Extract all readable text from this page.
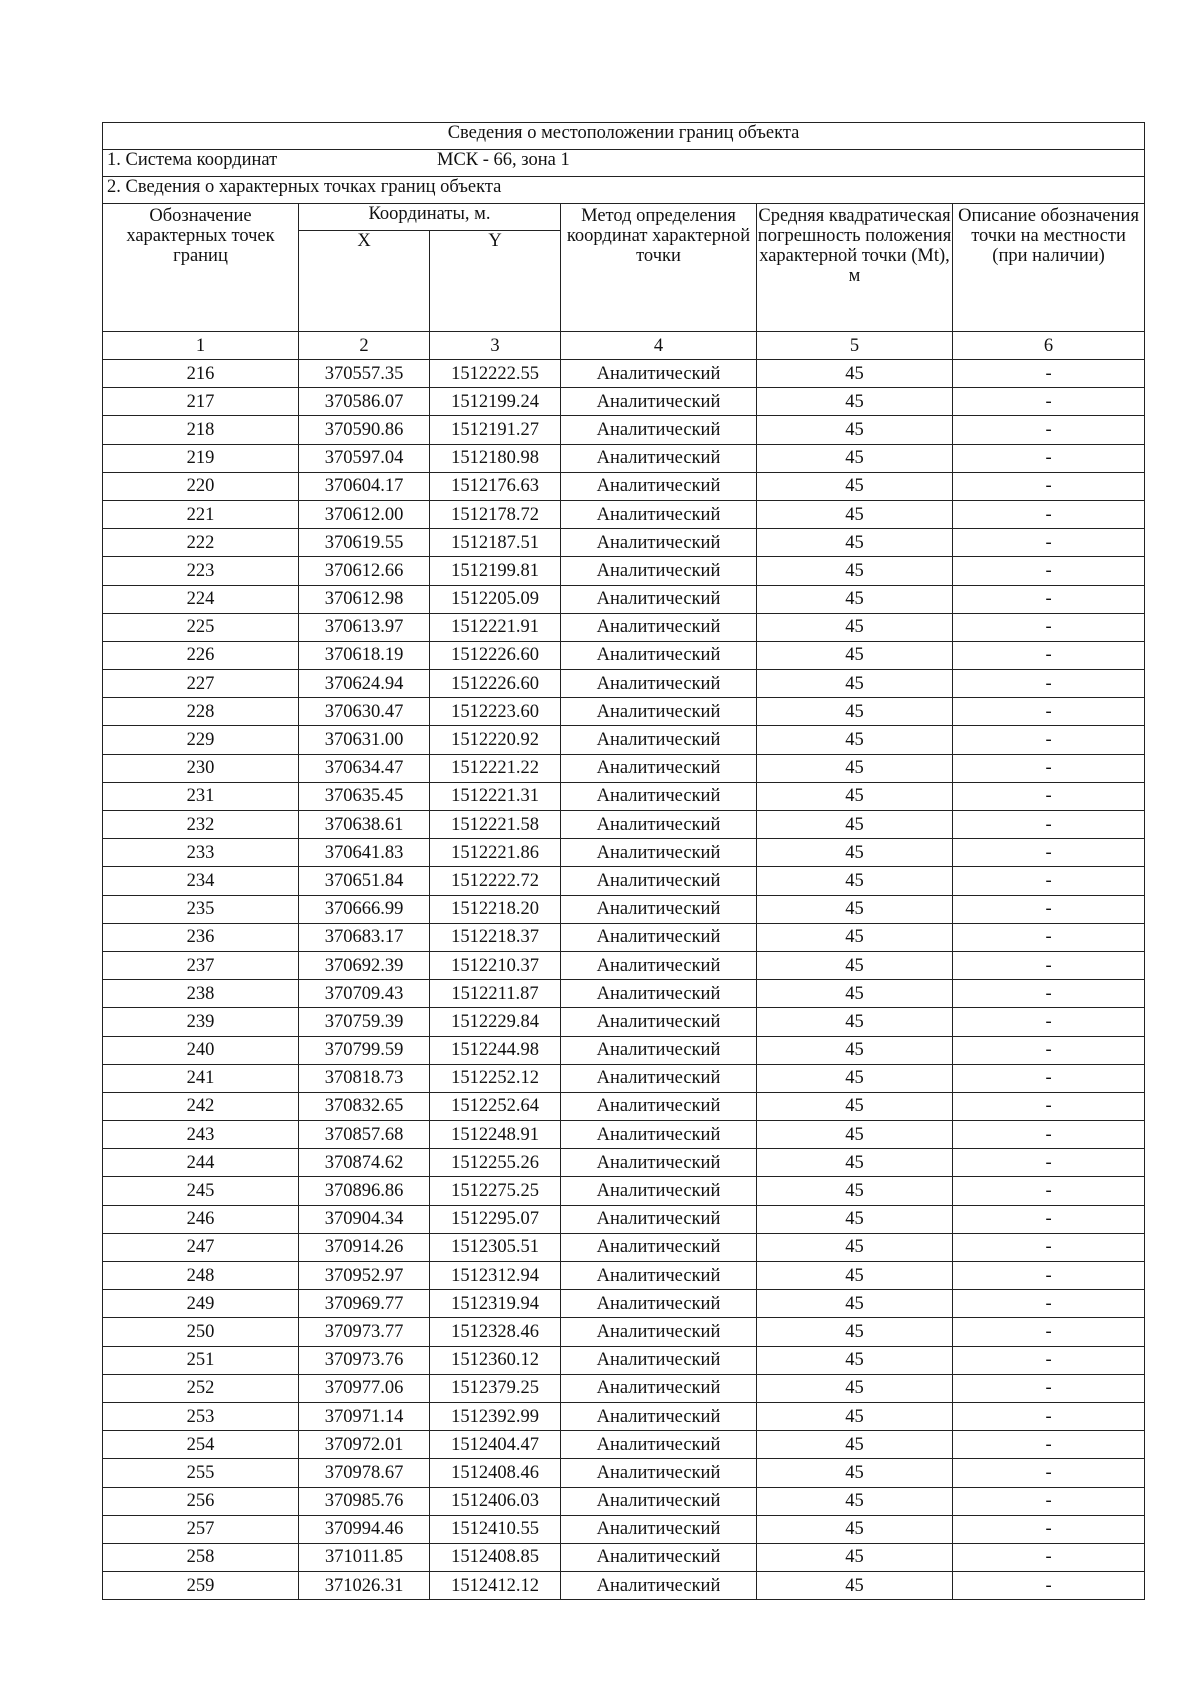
Сведения о местоположении границ объекта					
1. Система координат МСК - 66, зона 1					
2. Сведения о характерных точках границ объекта					
Обозначение характерных точек границ	Координаты, м.		Метод определения координат характерной точки	Средняя квадратическая погрешность положения характерной точки (Mt), м	Описание обозначения точки на местности (при наличии)
	X	Y			
1	2	3	4	5	6
216	370557.35	1512222.55	Аналитический	45	-
217	370586.07	1512199.24	Аналитический	45	-
218	370590.86	1512191.27	Аналитический	45	-
219	370597.04	1512180.98	Аналитический	45	-
220	370604.17	1512176.63	Аналитический	45	-
221	370612.00	1512178.72	Аналитический	45	-
222	370619.55	1512187.51	Аналитический	45	-
223	370612.66	1512199.81	Аналитический	45	-
224	370612.98	1512205.09	Аналитический	45	-
225	370613.97	1512221.91	Аналитический	45	-
226	370618.19	1512226.60	Аналитический	45	-
227	370624.94	1512226.60	Аналитический	45	-
228	370630.47	1512223.60	Аналитический	45	-
229	370631.00	1512220.92	Аналитический	45	-
230	370634.47	1512221.22	Аналитический	45	-
231	370635.45	1512221.31	Аналитический	45	-
232	370638.61	1512221.58	Аналитический	45	-
233	370641.83	1512221.86	Аналитический	45	-
234	370651.84	1512222.72	Аналитический	45	-
235	370666.99	1512218.20	Аналитический	45	-
236	370683.17	1512218.37	Аналитический	45	-
237	370692.39	1512210.37	Аналитический	45	-
238	370709.43	1512211.87	Аналитический	45	-
239	370759.39	1512229.84	Аналитический	45	-
240	370799.59	1512244.98	Аналитический	45	-
241	370818.73	1512252.12	Аналитический	45	-
242	370832.65	1512252.64	Аналитический	45	-
243	370857.68	1512248.91	Аналитический	45	-
244	370874.62	1512255.26	Аналитический	45	-
245	370896.86	1512275.25	Аналитический	45	-
246	370904.34	1512295.07	Аналитический	45	-
247	370914.26	1512305.51	Аналитический	45	-
248	370952.97	1512312.94	Аналитический	45	-
249	370969.77	1512319.94	Аналитический	45	-
250	370973.77	1512328.46	Аналитический	45	-
251	370973.76	1512360.12	Аналитический	45	-
252	370977.06	1512379.25	Аналитический	45	-
253	370971.14	1512392.99	Аналитический	45	-
254	370972.01	1512404.47	Аналитический	45	-
255	370978.67	1512408.46	Аналитический	45	-
256	370985.76	1512406.03	Аналитический	45	-
257	370994.46	1512410.55	Аналитический	45	-
258	371011.85	1512408.85	Аналитический	45	-
259	371026.31	1512412.12	Аналитический	45	-
